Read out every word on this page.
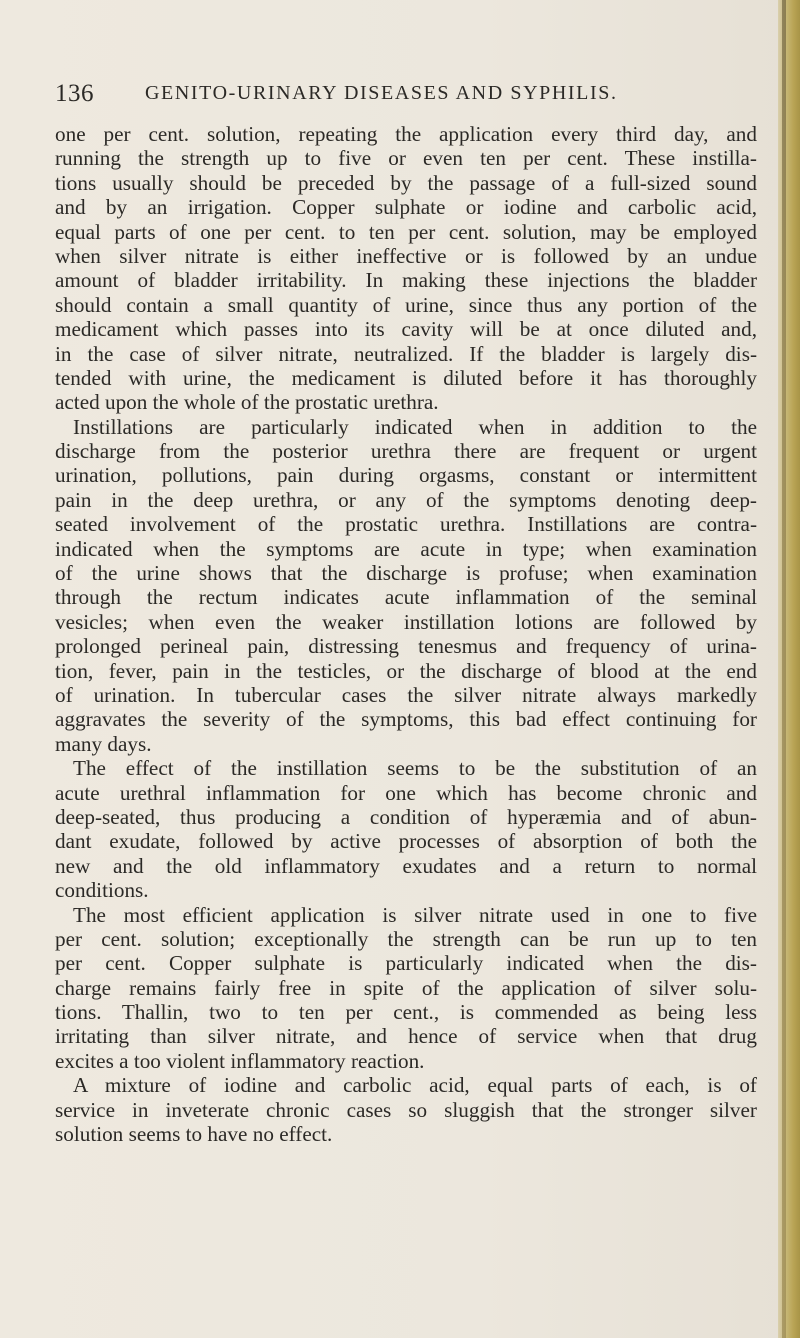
136	GENITO-URINARY DISEASES AND SYPHILIS.
one per cent. solution, repeating the application every third day, and
running the strength up to five or even ten per cent. These instilla-
tions usually should be preceded by the passage of a full-sized sound
and by an irrigation. Copper sulphate or iodine and carbolic acid,
equal parts of one per cent. to ten per cent. solution, may be employed
when silver nitrate is either ineffective or is followed by an undue
amount of bladder irritability. In making these injections the bladder
should contain a small quantity of urine, since thus any portion of the
medicament which passes into its cavity will be at once diluted and,
in the case of silver nitrate, neutralized. If the bladder is largely dis-
tended with urine, the medicament is diluted before it has thoroughly
acted upon the whole of the prostatic urethra.
Instillations are particularly indicated when in addition to the
discharge from the posterior urethra there are frequent or urgent
urination, pollutions, pain during orgasms, constant or intermittent
pain in the deep urethra, or any of the symptoms denoting deep-
seated involvement of the prostatic urethra. Instillations are contra-
indicated when the symptoms are acute in type; when examination
of the urine shows that the discharge is profuse; when examination
through the rectum indicates acute inflammation of the seminal
vesicles; when even the weaker instillation lotions are followed by
prolonged perineal pain, distressing tenesmus and frequency of urina-
tion, fever, pain in the testicles, or the discharge of blood at the end
of urination. In tubercular cases the silver nitrate always markedly
aggravates the severity of the symptoms, this bad effect continuing for
many days.
The effect of the instillation seems to be the substitution of an
acute urethral inflammation for one which has become chronic and
deep-seated, thus producing a condition of hyperæmia and of abun-
dant exudate, followed by active processes of absorption of both the
new and the old inflammatory exudates and a return to normal
conditions.
The most efficient application is silver nitrate used in one to five
per cent. solution; exceptionally the strength can be run up to ten
per cent. Copper sulphate is particularly indicated when the dis-
charge remains fairly free in spite of the application of silver solu-
tions. Thallin, two to ten per cent., is commended as being less
irritating than silver nitrate, and hence of service when that drug
excites a too violent inflammatory reaction.
A mixture of iodine and carbolic acid, equal parts of each, is of
service in inveterate chronic cases so sluggish that the stronger silver
solution seems to have no effect.
